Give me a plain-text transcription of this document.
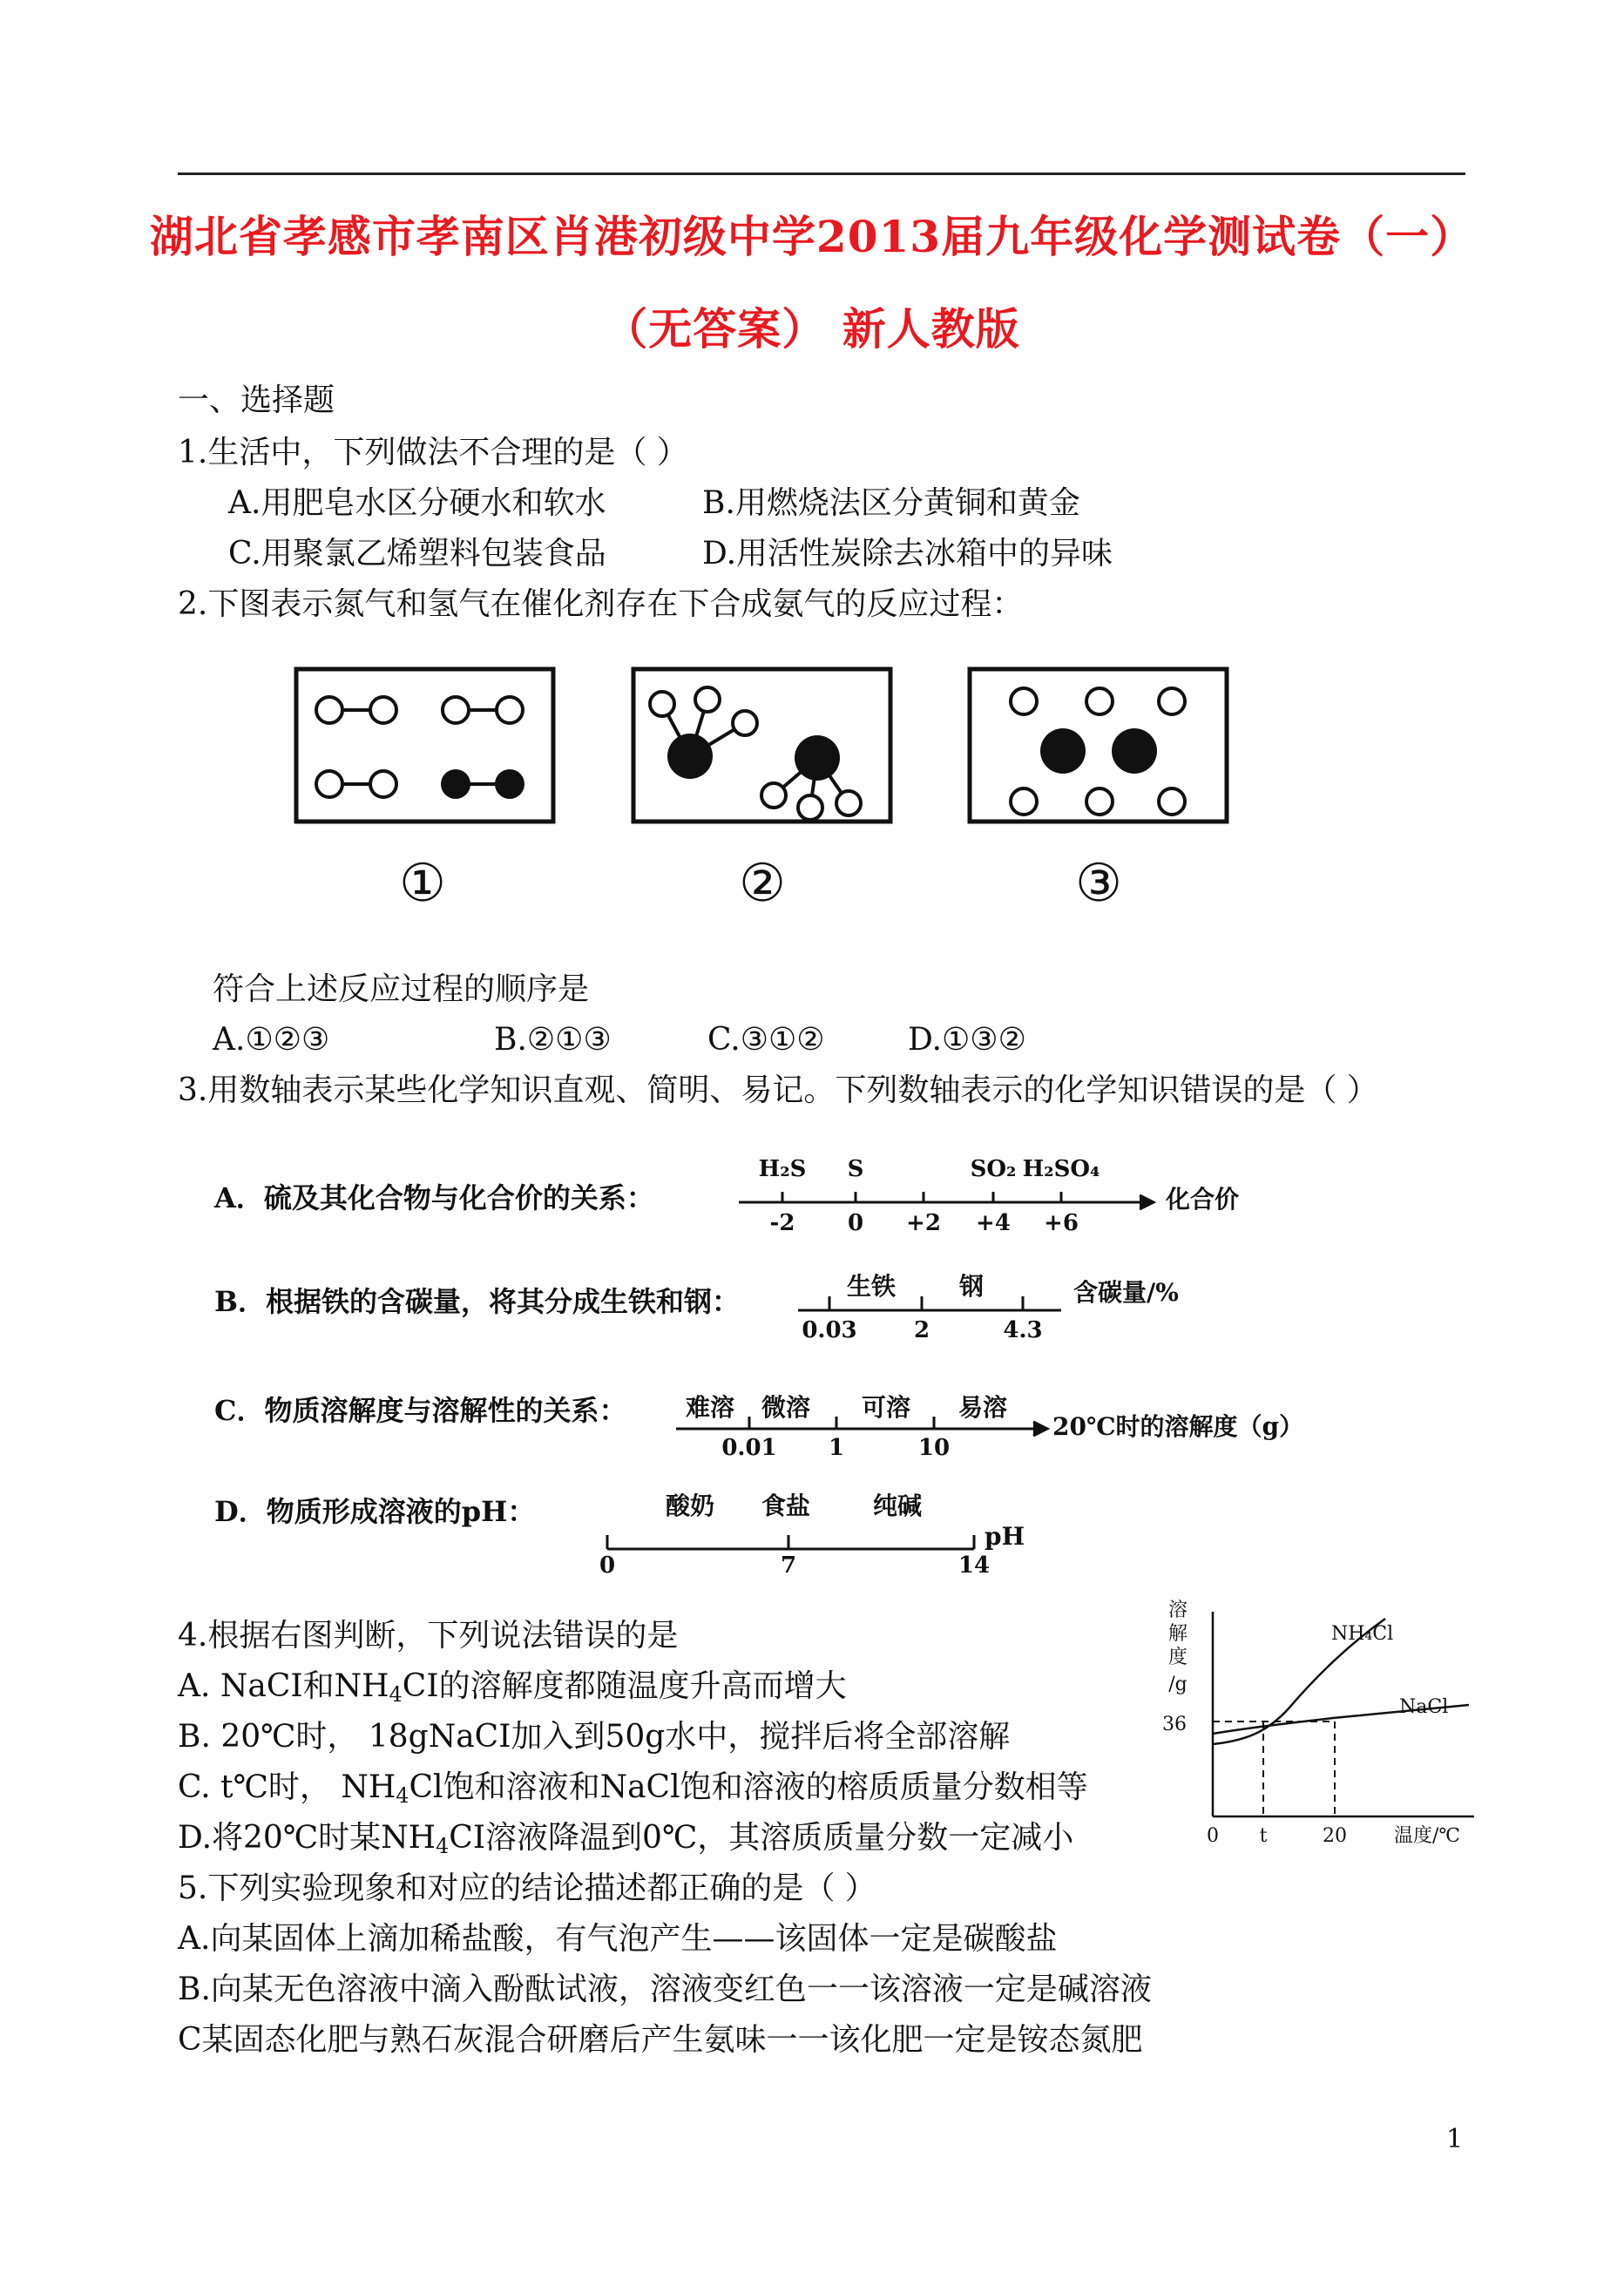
湖北省孝感市孝南区肖港初级中学2013届九年级化学测试卷（一）
（无答案） 新人教版
一、选择题
1.生活中，下列做法不合理的是（ ）
A.用肥皂水区分硬水和软水	B.用燃烧法区分黄铜和黄金
C.用聚氯乙烯塑料包装食品	D.用活性炭除去冰箱中的异味
2.下图表示氮气和氢气在催化剂存在下合成氨气的反应过程：
①	②	③
符合上述反应过程的顺序是
A.①②③	B.②①③	C.③①②	D.①③②
3.用数轴表示某些化学知识直观、简明、易记。下列数轴表示的化学知识错误的是（ ）
A．硫及其化合物与化合价的关系：
H₂S S	SO₂ H₂SO₄
-2 0 +2 +4 +6
化合价
B．根据铁的含碳量，将其分成生铁和钢：	生铁	钢
0.03	2	4.3
含碳量/%
C．物质溶解度与溶解性的关系： 难溶 微溶 可溶 易溶
0.01 1	10
20℃时的溶解度（g）
D．物质形成溶液的pH：	酸奶 食盐	纯碱
0	7	14
pH
4.根据右图判断，下列说法错误的是
A. NaCI和$NH_4CI$的溶解度都随温度升高而增大
B. 20℃时， 18gNaCI加入到50g水中，搅拌后将全部溶解
C. t℃时， $NH_4Cl$饱和溶液和NaCl饱和溶液的榕质质量分数相等
D.将20℃时某$NH_4CI$溶液降温到0℃，其溶质质量分数一定减小
溶
解
度
/g
36
NH₄Cl
NaCl
0 t	20 温度/℃
5.下列实验现象和对应的结论描述都正确的是（ ）
A.向某固体上滴加稀盐酸，有气泡产生——该固体一定是碳酸盐
B.向某无色溶液中滴入酚酞试液，溶液变红色一一该溶液一定是碱溶液
C某固态化肥与熟石灰混合研磨后产生氨味一一该化肥一定是铵态氮肥
1
